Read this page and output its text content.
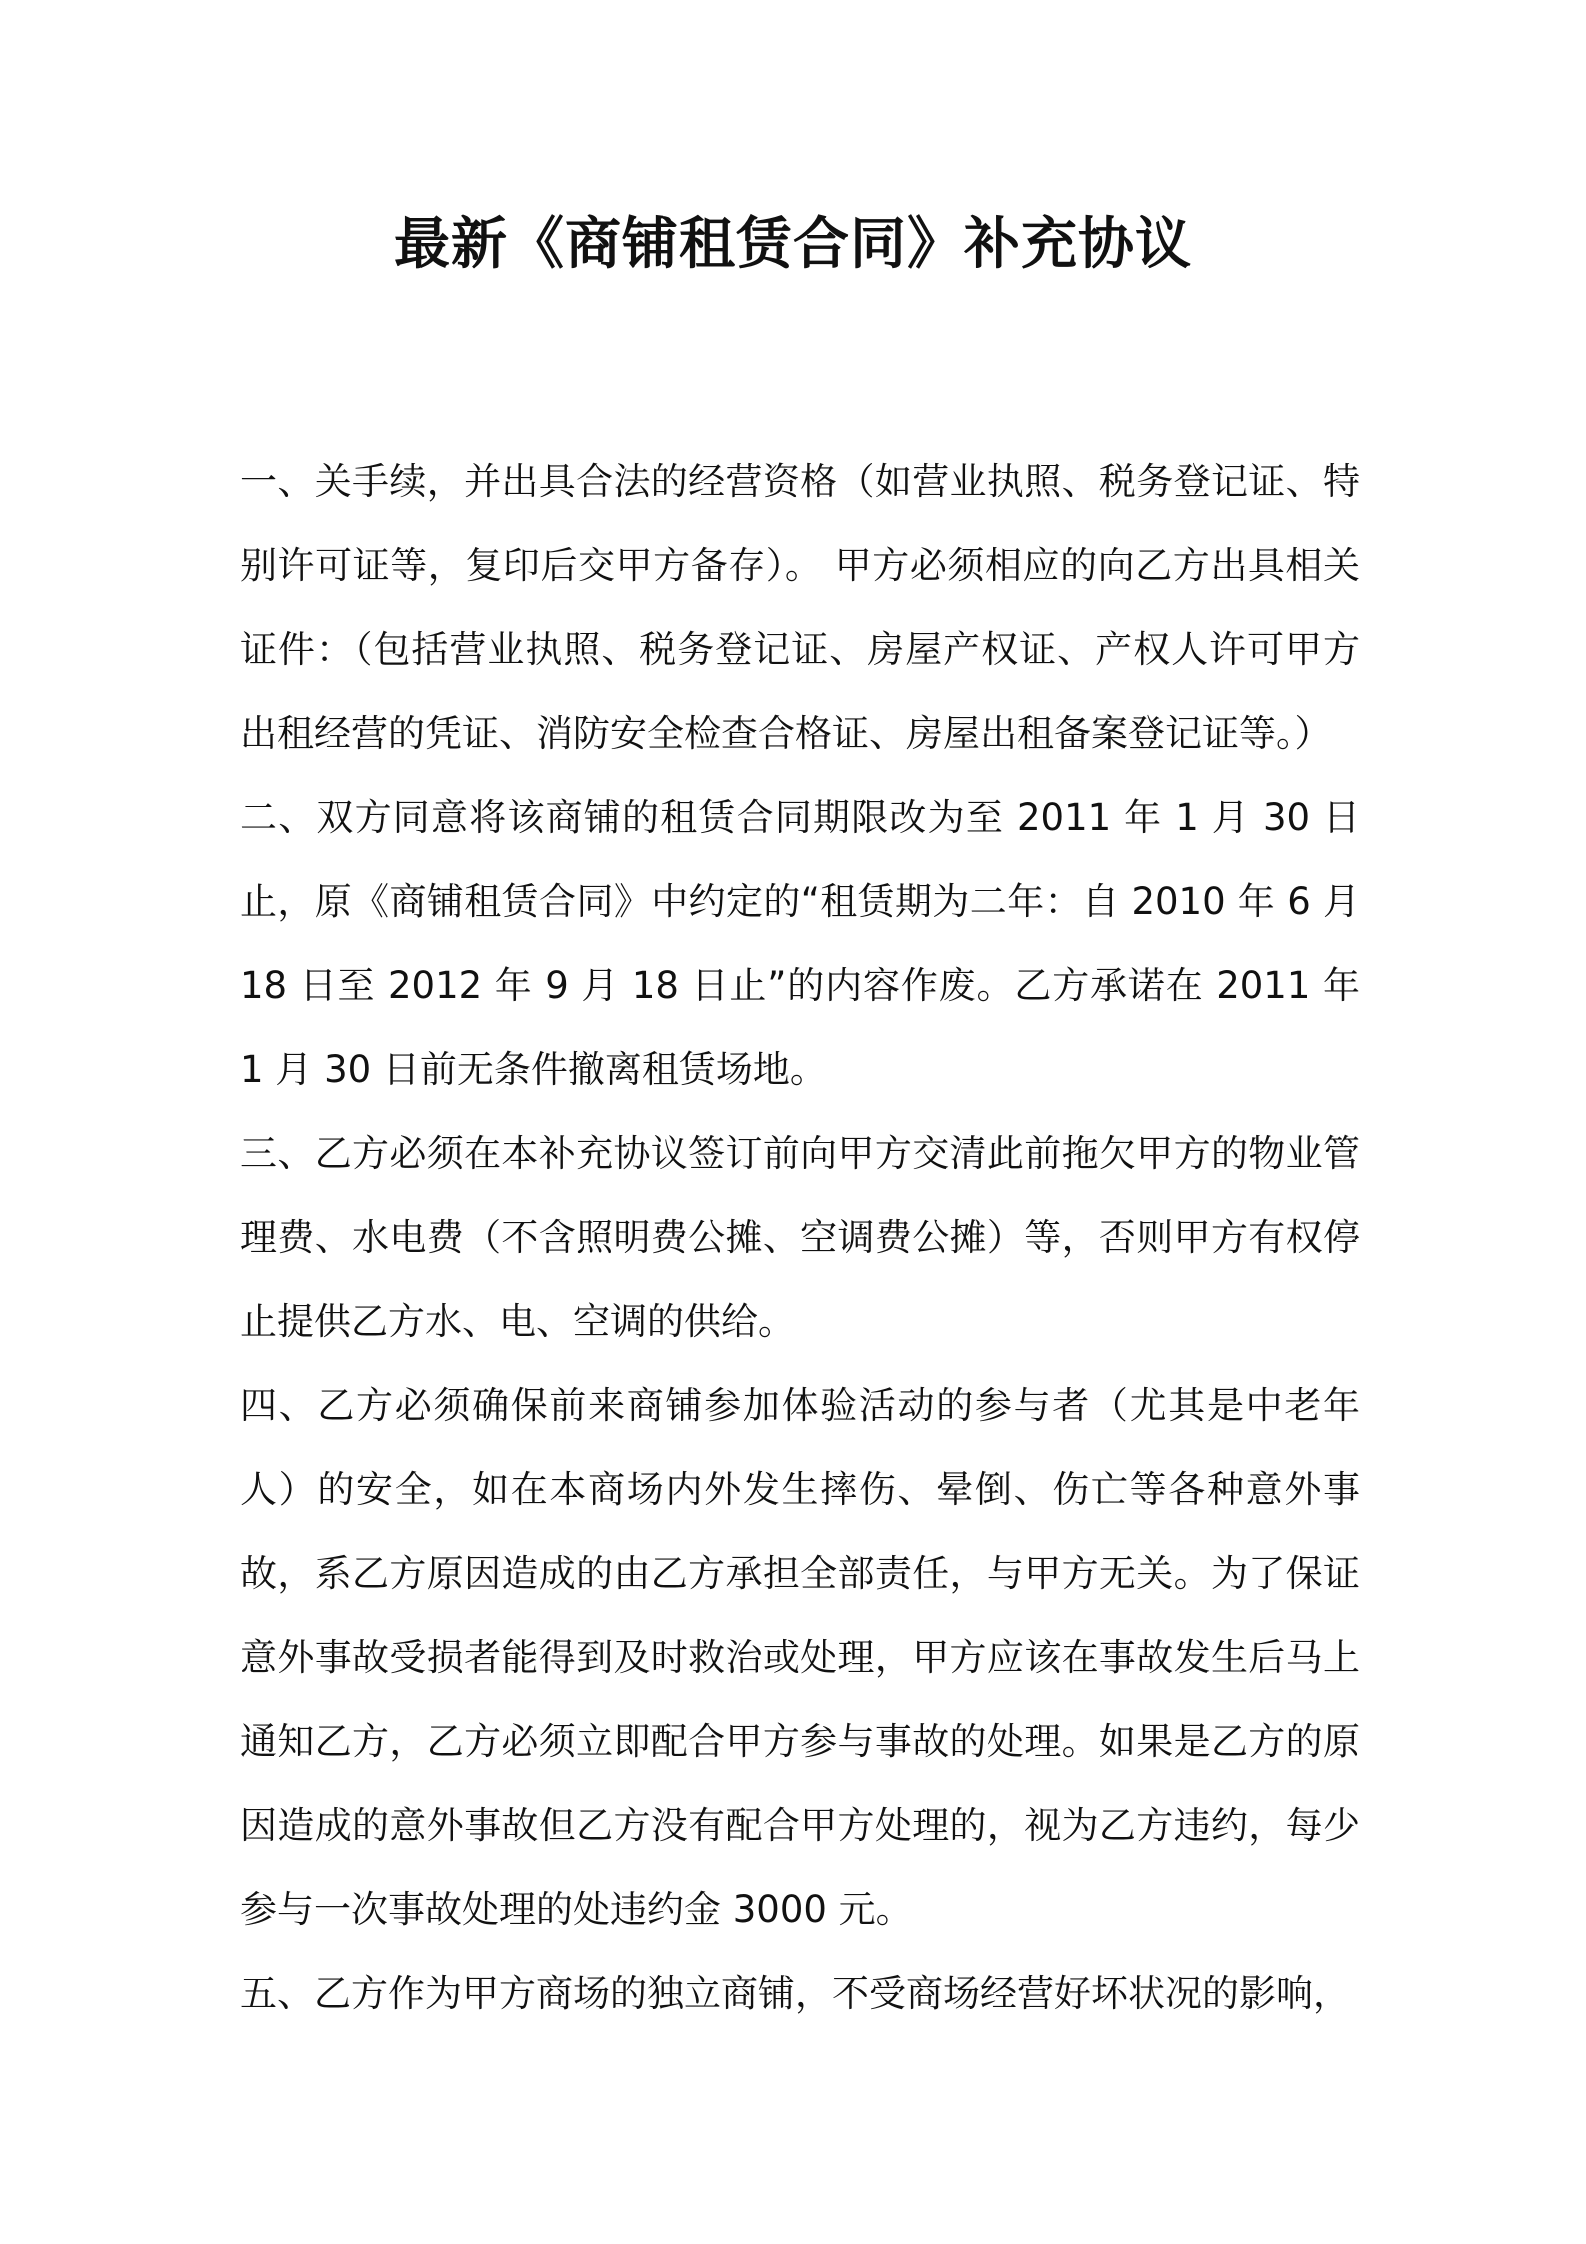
最新《商铺租赁合同》补充协议

一、关手续，并出具合法的经营资格（如营业执照、税务登记证、特别许可证等，复印后交甲方备存）。 甲方必须相应的向乙方出具相关证件：（包括营业执照、税务登记证、房屋产权证、产权人许可甲方出租经营的凭证、消防安全检查合格证、房屋出租备案登记证等。）

二、双方同意将该商铺的租赁合同期限改为至 2011 年 1 月 30 日止，原《商铺租赁合同》中约定的“租赁期为二年：自 2010 年 6 月 18 日至 2012 年 9 月 18 日止”的内容作废。乙方承诺在 2011 年 1 月 30 日前无条件撤离租赁场地。

三、乙方必须在本补充协议签订前向甲方交清此前拖欠甲方的物业管理费、水电费（不含照明费公摊、空调费公摊）等，否则甲方有权停止提供乙方水、电、空调的供给。

四、乙方必须确保前来商铺参加体验活动的参与者（尤其是中老年人）的安全，如在本商场内外发生摔伤、晕倒、伤亡等各种意外事故，系乙方原因造成的由乙方承担全部责任，与甲方无关。为了保证意外事故受损者能得到及时救治或处理，甲方应该在事故发生后马上通知乙方，乙方必须立即配合甲方参与事故的处理。如果是乙方的原因造成的意外事故但乙方没有配合甲方处理的，视为乙方违约，每少参与一次事故处理的处违约金 3000 元。

五、乙方作为甲方商场的独立商铺，不受商场经营好坏状况的影响，
